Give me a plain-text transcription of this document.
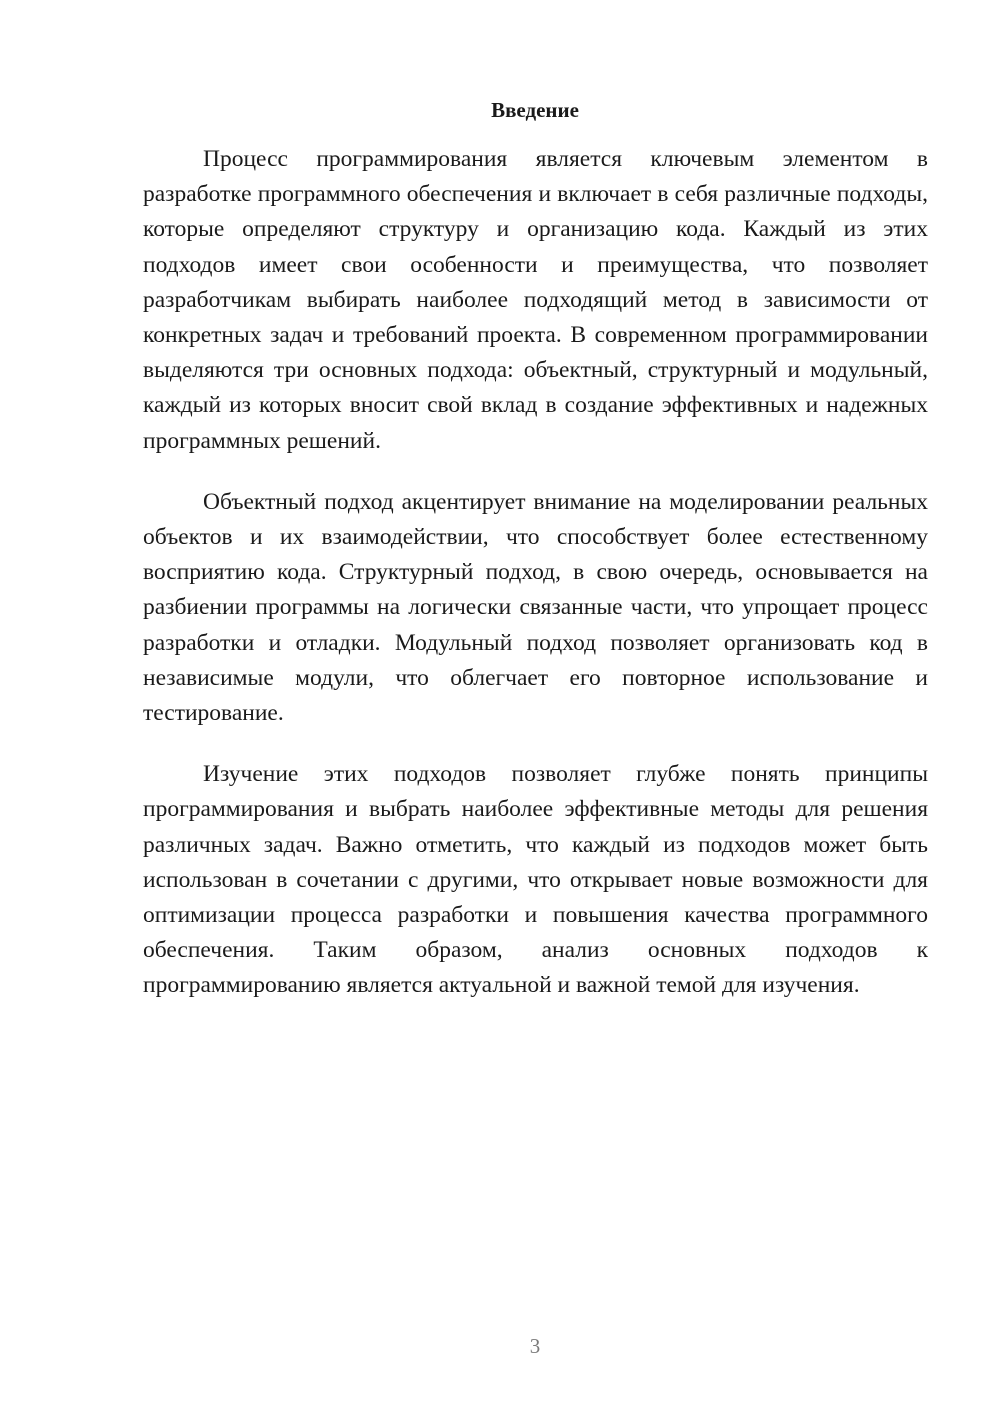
Введение

Процесс программирования является ключевым элементом в разработке программного обеспечения и включает в себя различные подходы, которые определяют структуру и организацию кода. Каждый из этих подходов имеет свои особенности и преимущества, что позволяет разработчикам выбирать наиболее подходящий метод в зависимости от конкретных задач и требований проекта. В современном программировании выделяются три основных подхода: объектный, структурный и модульный, каждый из которых вносит свой вклад в создание эффективных и надежных программных решений.

Объектный подход акцентирует внимание на моделировании реальных объектов и их взаимодействии, что способствует более естественному восприятию кода. Структурный подход, в свою очередь, основывается на разбиении программы на логически связанные части, что упрощает процесс разработки и отладки. Модульный подход позволяет организовать код в независимые модули, что облегчает его повторное использование и тестирование.

Изучение этих подходов позволяет глубже понять принципы программирования и выбрать наиболее эффективные методы для решения различных задач. Важно отметить, что каждый из подходов может быть использован в сочетании с другими, что открывает новые возможности для оптимизации процесса разработки и повышения качества программного обеспечения. Таким образом, анализ основных подходов к программированию является актуальной и важной темой для изучения.

3
